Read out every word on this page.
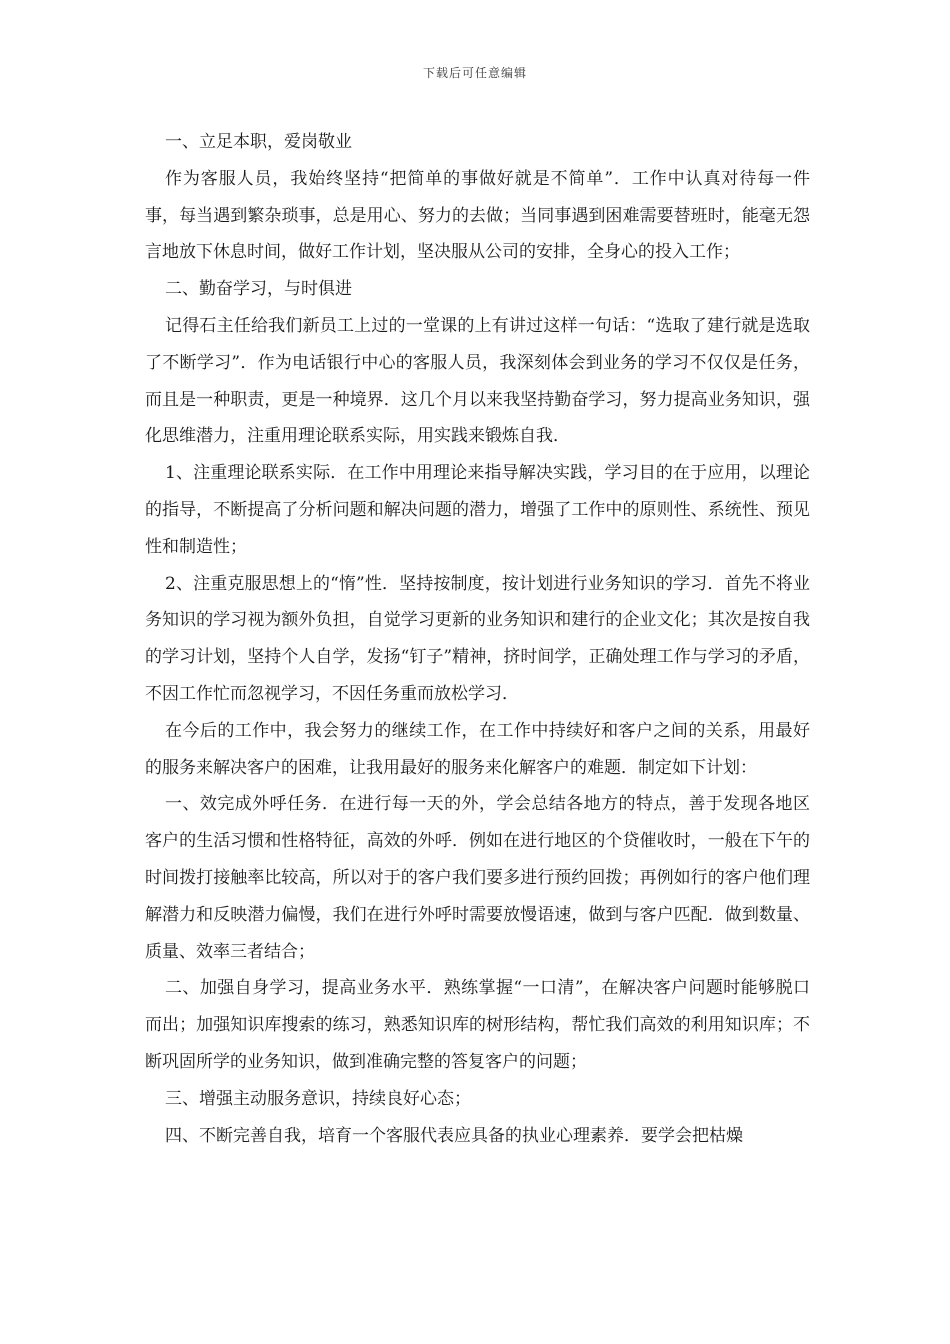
下载后可任意编辑

一、立足本职，爱岗敬业

作为客服人员，我始终坚持“把简单的事做好就是不简单”．工作中认真对待每一件事，每当遇到繁杂琐事，总是用心、努力的去做；当同事遇到困难需要替班时，能毫无怨言地放下休息时间，做好工作计划，坚决服从公司的安排，全身心的投入工作；

二、勤奋学习，与时俱进

记得石主任给我们新员工上过的一堂课的上有讲过这样一句话：“选取了建行就是选取了不断学习”．作为电话银行中心的客服人员，我深刻体会到业务的学习不仅仅是任务，而且是一种职责，更是一种境界．这几个月以来我坚持勤奋学习，努力提高业务知识，强化思维潜力，注重用理论联系实际，用实践来锻炼自我．

1、注重理论联系实际．在工作中用理论来指导解决实践，学习目的在于应用，以理论的指导，不断提高了分析问题和解决问题的潜力，增强了工作中的原则性、系统性、预见性和制造性；

2、注重克服思想上的“惰”性．坚持按制度，按计划进行业务知识的学习．首先不将业务知识的学习视为额外负担，自觉学习更新的业务知识和建行的企业文化；其次是按自我的学习计划，坚持个人自学，发扬“钉子”精神，挤时间学，正确处理工作与学习的矛盾，不因工作忙而忽视学习，不因任务重而放松学习．

在今后的工作中，我会努力的继续工作，在工作中持续好和客户之间的关系，用最好的服务来解决客户的困难，让我用最好的服务来化解客户的难题．制定如下计划：

一、效完成外呼任务．在进行每一天的外，学会总结各地方的特点，善于发现各地区客户的生活习惯和性格特征，高效的外呼．例如在进行地区的个贷催收时，一般在下午的时间拨打接触率比较高，所以对于的客户我们要多进行预约回拨；再例如行的客户他们理解潜力和反映潜力偏慢，我们在进行外呼时需要放慢语速，做到与客户匹配．做到数量、质量、效率三者结合；

二、加强自身学习，提高业务水平．熟练掌握“一口清”，在解决客户问题时能够脱口而出；加强知识库搜索的练习，熟悉知识库的树形结构，帮忙我们高效的利用知识库；不断巩固所学的业务知识，做到准确完整的答复客户的问题；

三、增强主动服务意识，持续良好心态；

四、不断完善自我，培育一个客服代表应具备的执业心理素养．要学会把枯燥
